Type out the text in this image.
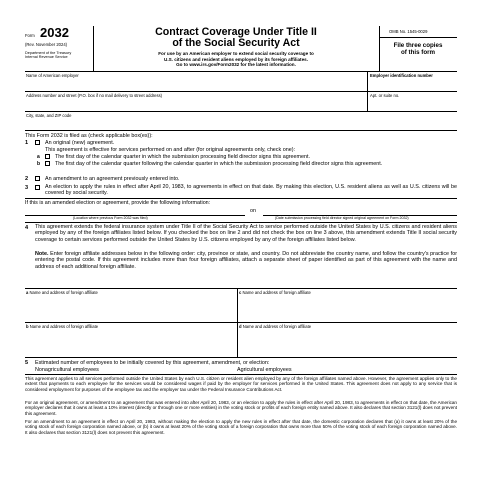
Form 2032
(Rev. November 2024)
Department of the Treasury
Internal Revenue Service
Contract Coverage Under Title II
of the Social Security Act
For use by an American employer to extend social security coverage to
U.S. citizens and resident aliens employed by its foreign affiliates.
Go to www.irs.gov/Form2032 for the latest information.
OMB No. 1545-0029
File three copies
of this form
Name of American employer	Employer identification number
Address number and street (P.O. box if no mail delivery to street address)	Apt. or suite no.
City, state, and ZIP code
This Form 2032 is filed as (check applicable box(es)):
1	An original (new) agreement.
This agreement is effective for services performed on and after (for original agreements only, check one):
a	The first day of the calendar quarter in which the submission processing field director signs this agreement.
b	The first day of the calendar quarter following the calendar quarter in which the submission processing field director signs this agreement.
2	An amendment to an agreement previously entered into.
3	An election to apply the rules in effect after April 20, 1983, to agreements in effect on that date. By making this election, U.S. resident aliens as well as U.S. citizens will be covered by social security.
If this is an amended election or agreement, provide the following information:
on
(Location where previous Form 2032 was filed)	(Date submission processing field director signed original agreement on Form 2032)
4 This agreement extends the federal insurance system under Title II of the Social Security Act to service performed outside the United States by U.S. citizens and resident aliens employed by any of the foreign affiliates listed below. If you checked the box on line 2 and did not check the box on line 3 above, this amendment extends Title II social security coverage to certain services performed outside the United States by U.S. citizens employed by any of the foreign affiliates listed below.
Note. Enter foreign affiliate addresses below in the following order: city, province or state, and country. Do not abbreviate the country name, and follow the country's practice for entering the postal code. If this agreement includes more than four foreign affiliates, attach a separate sheet of paper identified as part of this agreement with the name and address of each additional foreign affiliate.
a Name and address of foreign affiliate	c Name and address of foreign affiliate
b Name and address of foreign affiliate	d Name and address of foreign affiliate
5 Estimated number of employees to be initially covered by this agreement, amendment, or election:
Nonagricultural employees	Agricultural employees
This agreement applies to all services performed outside the United States by each U.S. citizen or resident alien employed by any of the foreign affiliates named above. However, the agreement applies only to the extent that payments to each employee for the services would be considered wages if paid by the employer for services performed in the United States. This agreement does not apply to any service that is considered employment for purposes of the employee tax and the employer tax under the Federal Insurance Contributions Act.
For an original agreement, or amendment to an agreement that was entered into after April 20, 1983, or an election to apply the rules in effect after April 20, 1983, to agreements in effect on that date, the American employer declares that it owns at least a 10% interest (directly or through one or more entities) in the voting stock or profits of each foreign entity named above. It also declares that section 3121(l) does not prevent this agreement.
For an amendment to an agreement in effect on April 20, 1983, without making the election to apply the new rules in effect after that date, the domestic corporation declares that (a) it owns at least 20% of the voting stock of each foreign corporation named above, or (b) it owns at least 20% of the voting stock of a foreign corporation that owns more than 50% of the voting stock of each foreign corporation named above. It also declares that section 3121(l) does not prevent this agreement.
